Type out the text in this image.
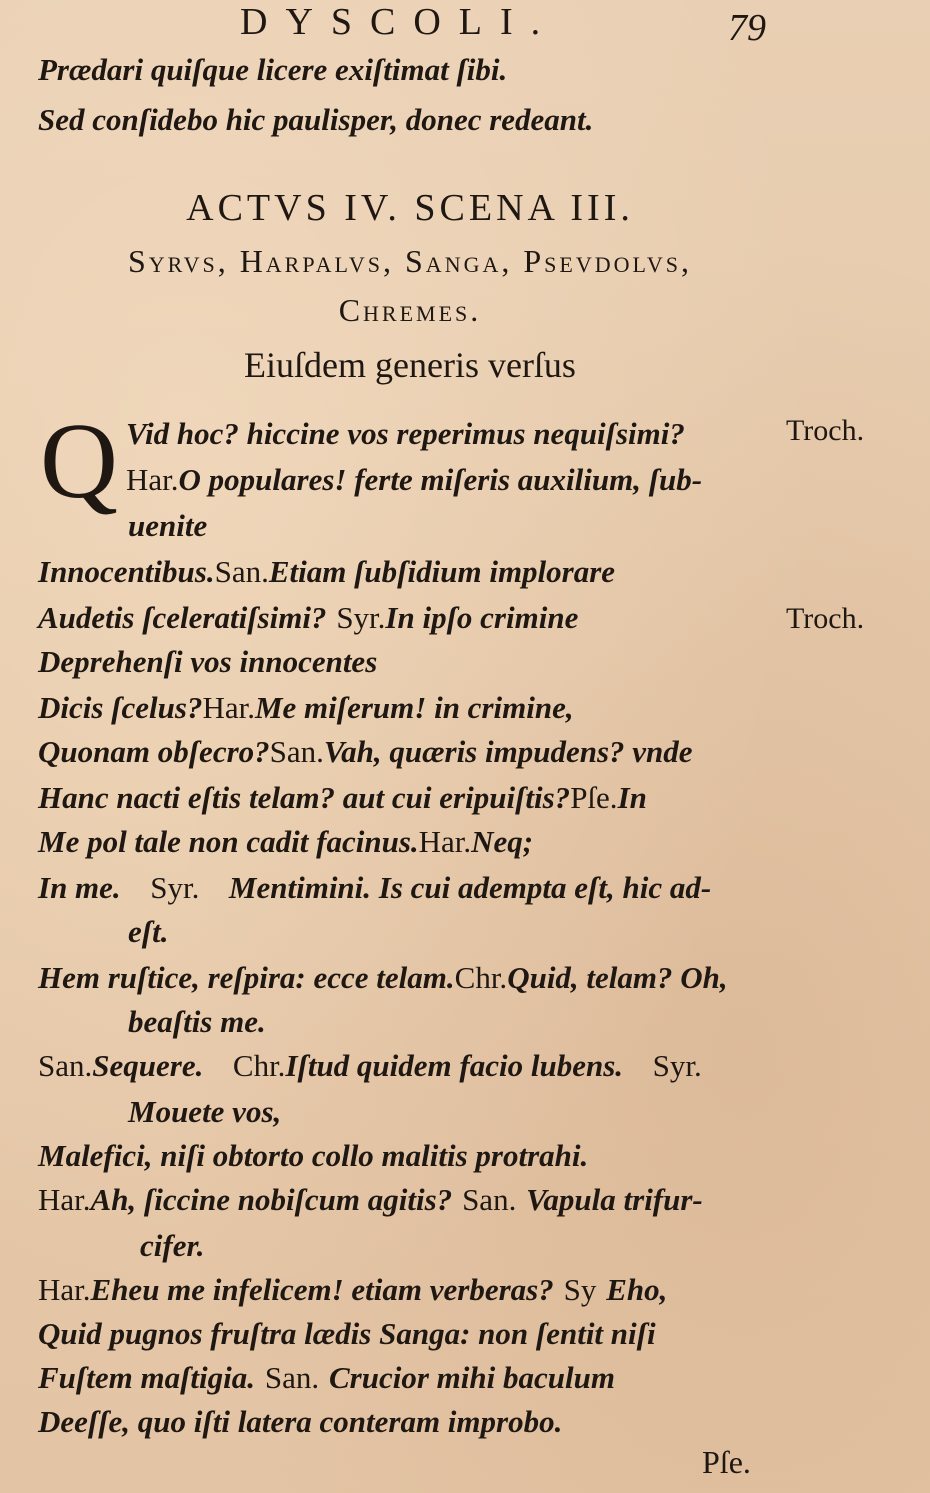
DYSCOLI.	79
Prædari quiſque licere exiſtimat ſibi.
Sed conſidebo hic paulisper, donec redeant.
ACTVS IV. SCENA III.
Syrvs, Harpalvs, Sanga, Psevdolvs,
Chremes.
Eiuſdem generis verſus
Q	Troch.
Troch.
Vid hoc? hiccine vos reperimus nequiſsimi?
Har.O populares! ferte miſeris auxilium, ſub-
uenite
Innocentibus.San.Etiam ſubſidium implorare
Audetis ſceleratiſsimi? Syr.In ipſo crimine
Deprehenſi vos innocentes
Dicis ſcelus?Har.Me miſerum! in crimine,
Quonam obſecro?San.Vah, quæris impudens? vnde
Hanc nacti eſtis telam? aut cui eripuiſtis?Pſe.In
Me pol tale non cadit facinus.Har.Neq;
In me. Syr. Mentimini. Is cui adempta eſt, hic ad-
eſt.
Hem ruſtice, reſpira: ecce telam.Chr.Quid, telam? Oh,
beaſtis me.
San.Sequere. Chr.Iſtud quidem facio lubens. Syr.
Mouete vos,
Malefici, niſi obtorto collo malitis protrahi.
Har.Ah, ſiccine nobiſcum agitis? San. Vapula trifur-
cifer.
Har.Eheu me infelicem! etiam verberas? Sy Eho,
Quid pugnos fruſtra lædis Sanga: non ſentit niſi
Fuſtem maſtigia. San. Crucior mihi baculum
Deeſſe, quo iſti latera conteram improbo.
Pſe.
